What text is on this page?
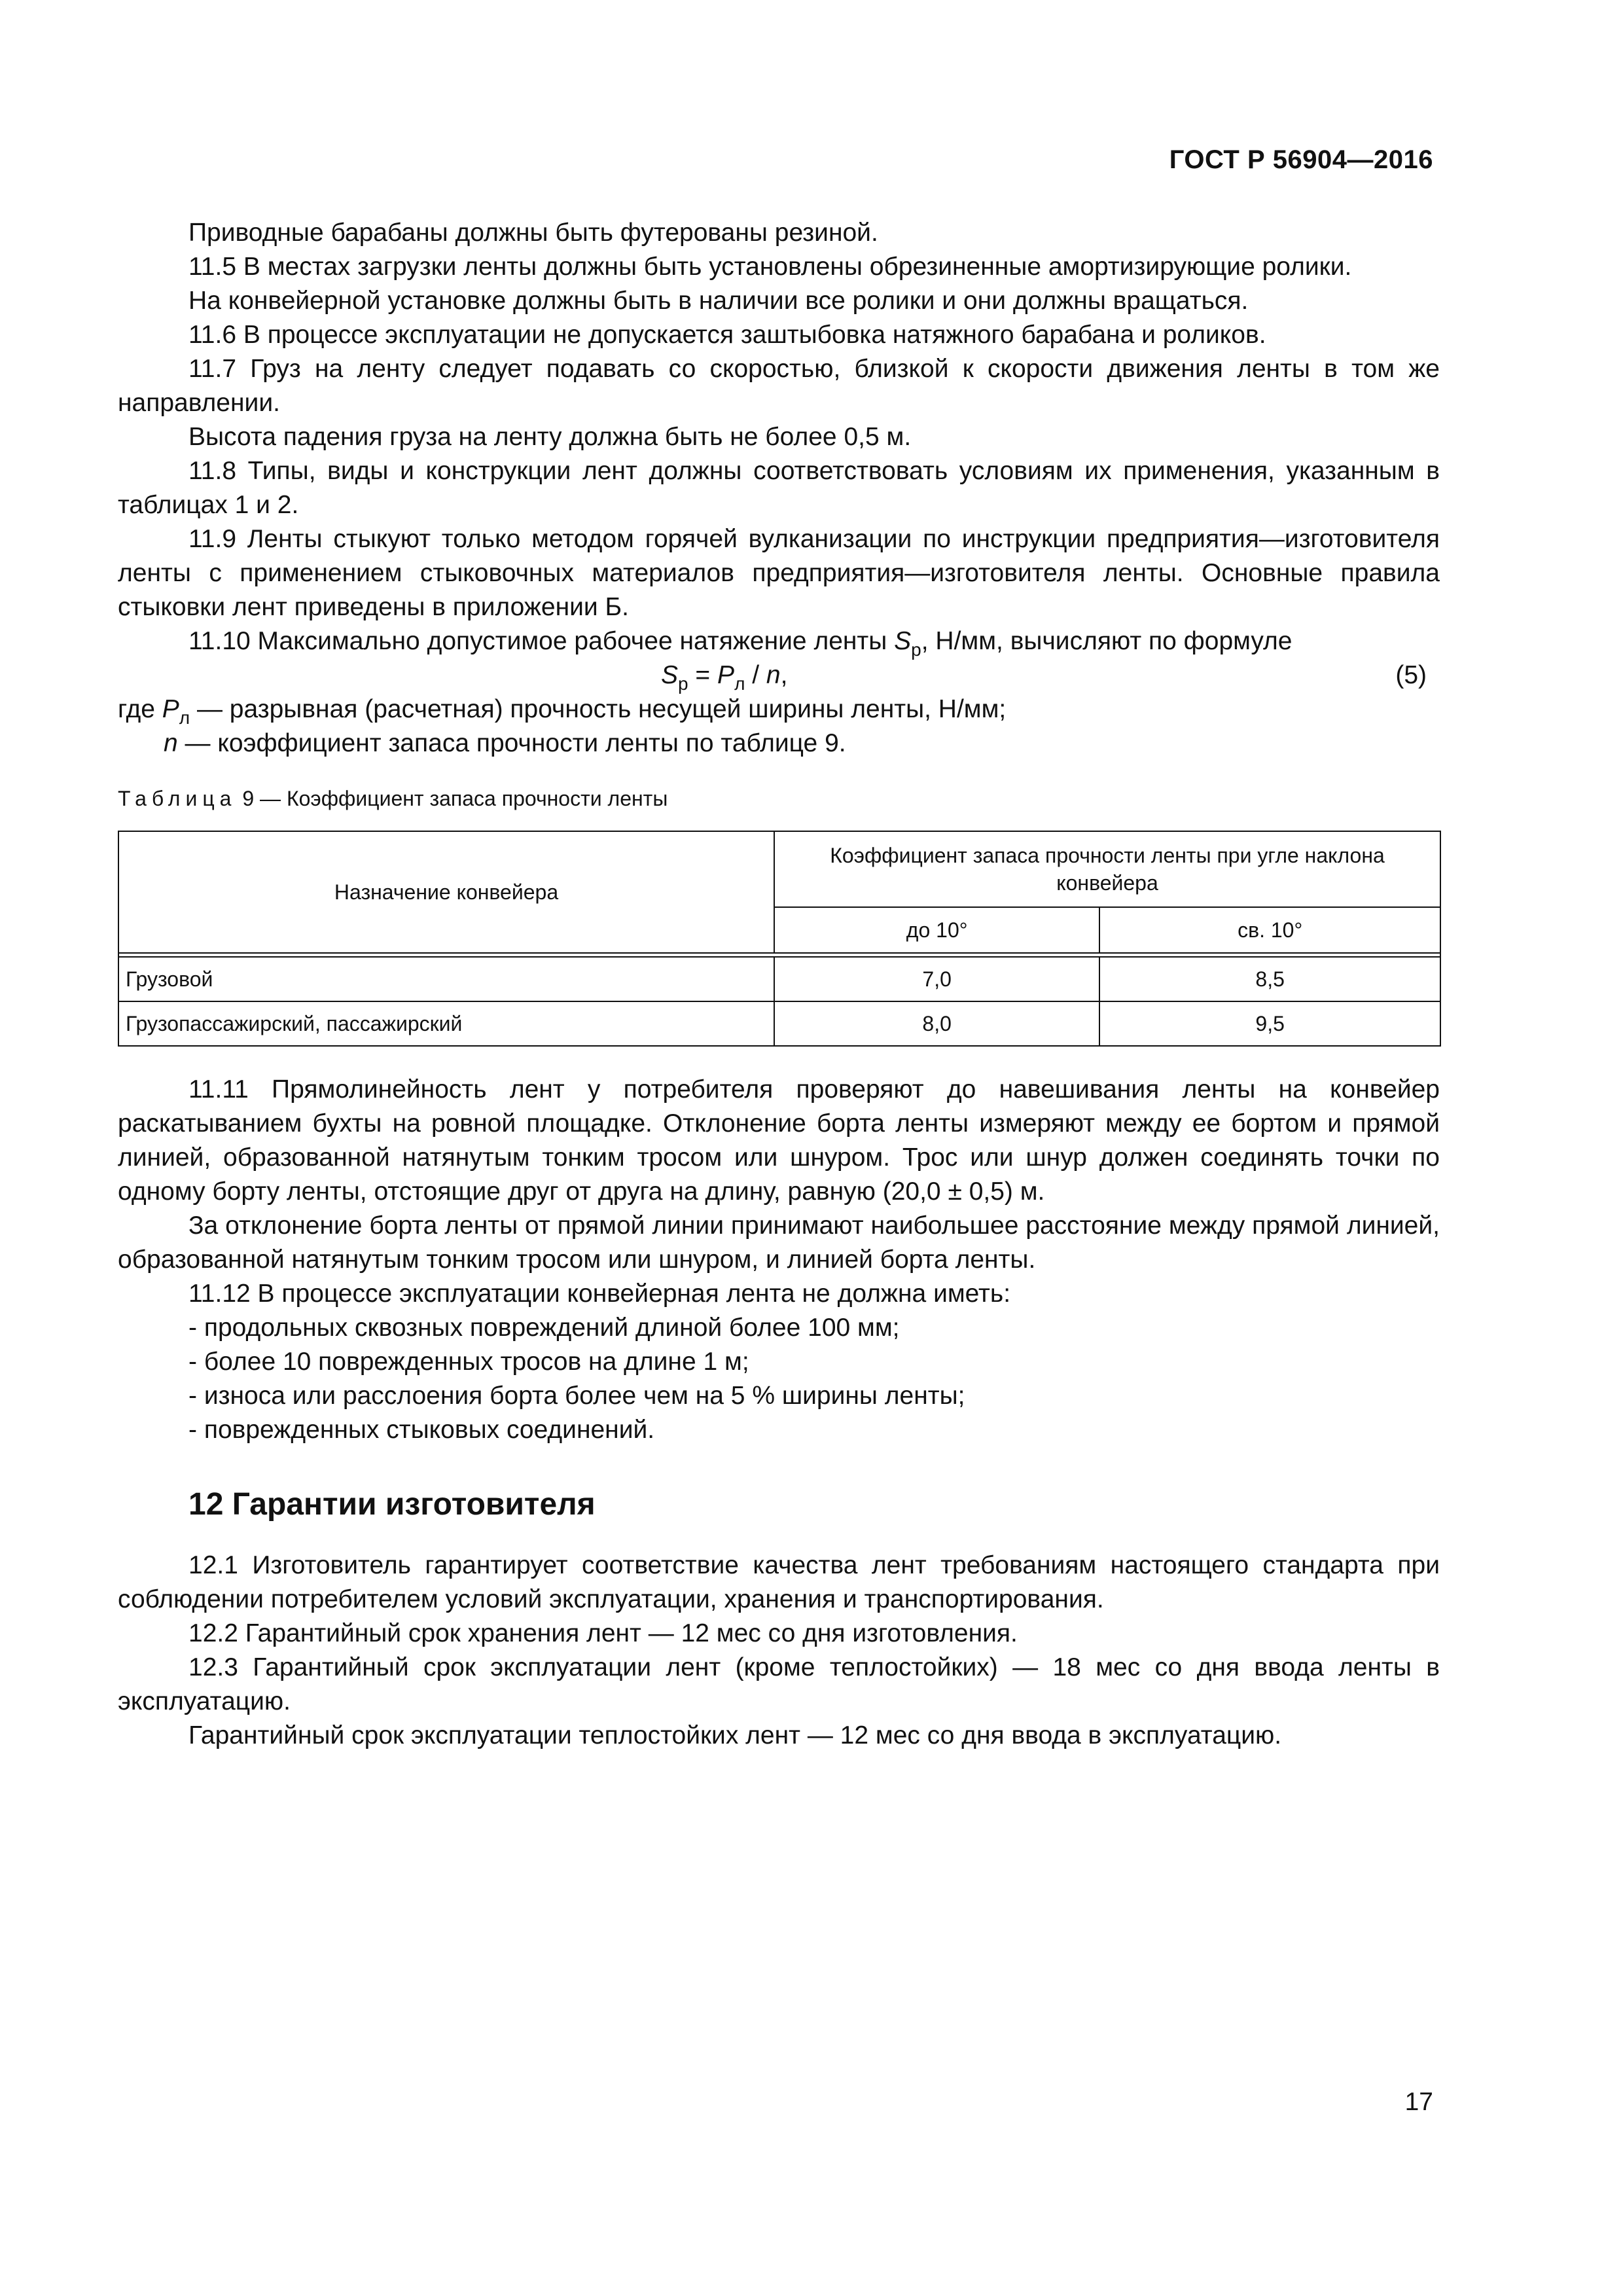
ГОСТ Р 56904—2016

Приводные барабаны должны быть футерованы резиной.

11.5 В местах загрузки ленты должны быть установлены обрезиненные амортизирующие ролики.

На конвейерной установке должны быть в наличии все ролики и они должны вращаться.

11.6 В процессе эксплуатации не допускается заштыбовка натяжного барабана и роликов.

11.7 Груз на ленту следует подавать со скоростью, близкой к скорости движения ленты в том же направлении.

Высота падения груза на ленту должна быть не более 0,5 м.

11.8 Типы, виды и конструкции лент должны соответствовать условиям их применения, указанным в таблицах 1 и 2.

11.9 Ленты стыкуют только методом горячей вулканизации по инструкции предприятия—изготовителя ленты с применением стыковочных материалов предприятия—изготовителя ленты. Основные правила стыковки лент приведены в приложении Б.

11.10 Максимально допустимое рабочее натяжение ленты $S_р$, Н/мм, вычисляют по формуле

$S_р = P_л / n$,	(5)

где $P_л$ — разрывная (расчетная) прочность несущей ширины ленты, Н/мм;

n — коэффициент запаса прочности ленты по таблице 9.

Таблица 9 — Коэффициент запаса прочности ленты
Назначение конвейера	Коэффициент запаса прочности ленты при угле наклона конвейера	
	до 10°	св. 10°

Грузовой	7,0	8,5
Грузопассажирский, пассажирский	8,0	9,5

11.11 Прямолинейность лент у потребителя проверяют до навешивания ленты на конвейер раскатыванием бухты на ровной площадке. Отклонение борта ленты измеряют между ее бортом и прямой линией, образованной натянутым тонким тросом или шнуром. Трос или шнур должен соединять точки по одному борту ленты, отстоящие друг от друга на длину, равную (20,0 ± 0,5) м.

За отклонение борта ленты от прямой линии принимают наибольшее расстояние между прямой линией, образованной натянутым тонким тросом или шнуром, и линией борта ленты.

11.12 В процессе эксплуатации конвейерная лента не должна иметь:

- продольных сквозных повреждений длиной более 100 мм;

- более 10 поврежденных тросов на длине 1 м;

- износа или расслоения борта более чем на 5 % ширины ленты;

- поврежденных стыковых соединений.

12 Гарантии изготовителя

12.1 Изготовитель гарантирует соответствие качества лент требованиям настоящего стандарта при соблюдении потребителем условий эксплуатации, хранения и транспортирования.

12.2 Гарантийный срок хранения лент — 12 мес со дня изготовления.

12.3 Гарантийный срок эксплуатации лент (кроме теплостойких) — 18 мес со дня ввода ленты в эксплуатацию.

Гарантийный срок эксплуатации теплостойких лент — 12 мес со дня ввода в эксплуатацию.

17
